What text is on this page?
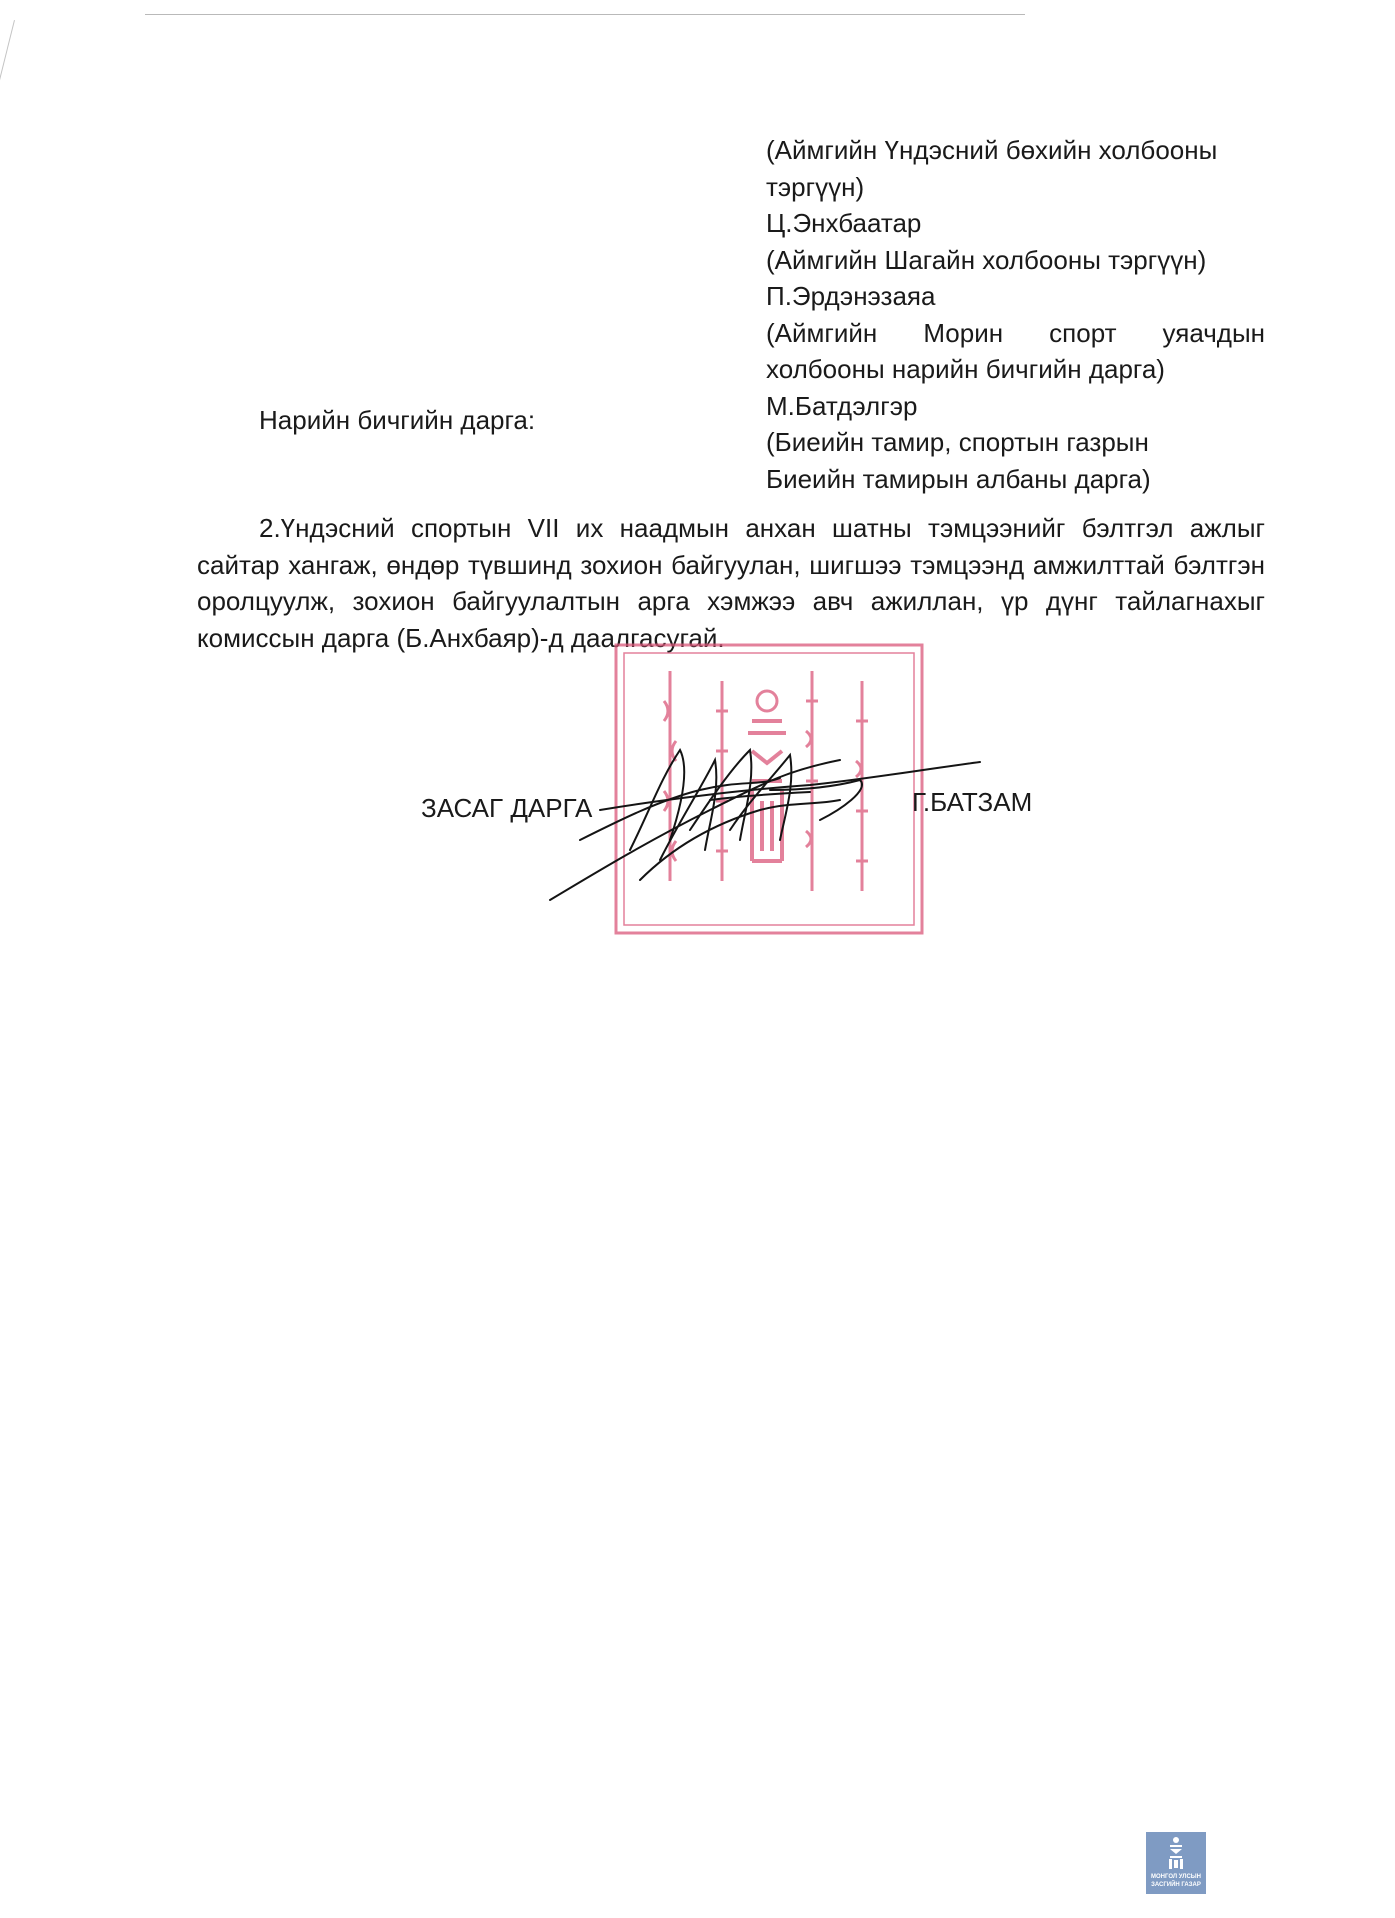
(Аймгийн Үндэсний бөхийн холбооны

тэргүүн)

Ц.Энхбаатар

(Аймгийн Шагайн холбооны тэргүүн)

П.Эрдэнэзаяа

(Аймгийн Морин спорт уяачдын

холбооны нарийн бичгийн дарга)

М.Батдэлгэр

(Биеийн тамир, спортын газрын

Биеийн тамирын албаны дарга)

Нарийн бичгийн дарга:

2.Үндэсний спортын VII их наадмын анхан шатны тэмцээнийг бэлтгэл ажлыг сайтар хангаж, өндөр түвшинд зохион байгуулан, шигшээ тэмцээнд амжилттай бэлтгэн оролцуулж, зохион байгуулалтын арга хэмжээ авч ажиллан, үр дүнг тайлагнахыг комиссын дарга (Б.Анхбаяр)-д даалгасугай.

ЗАСАГ ДАРГА	Г.БАТЗАМ
МОНГОЛ УЛСЫН
ЗАСГИЙН ГАЗАР
